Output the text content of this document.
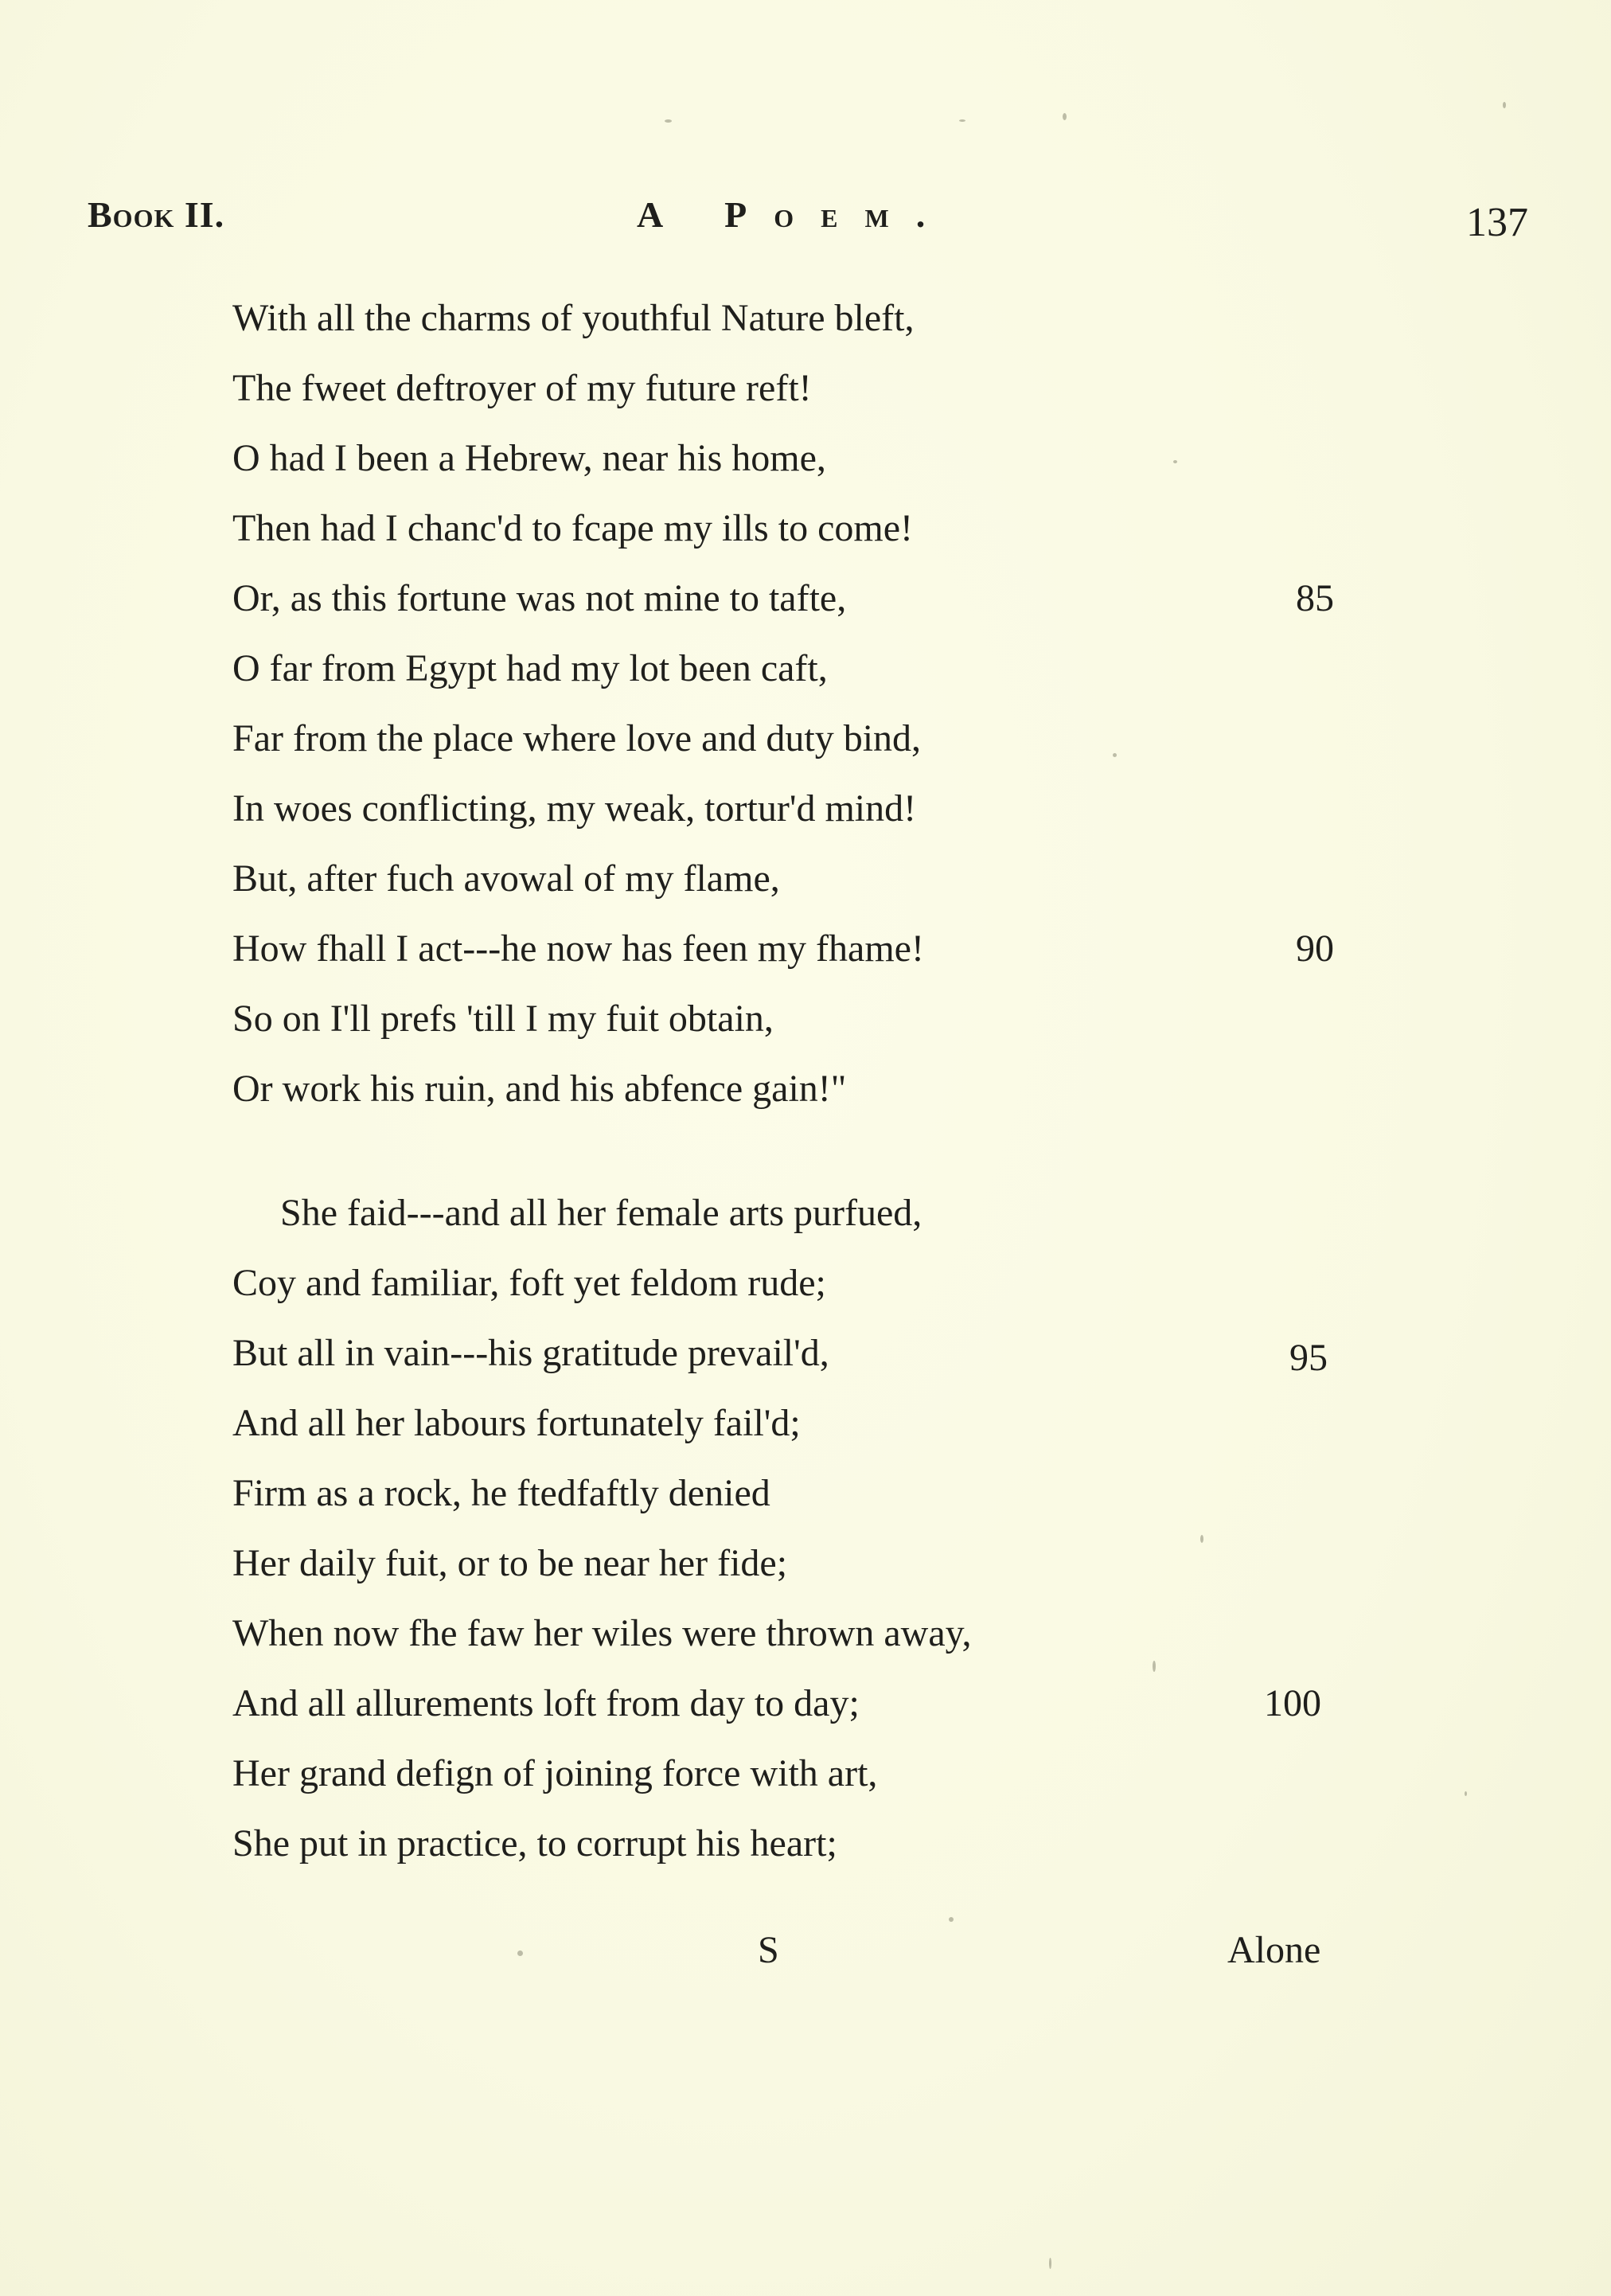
Book II.	A Poem.	137
With all the charms of youthful Nature bleft,
The fweet deftroyer of my future reft!
O had I been a Hebrew, near his home,
Then had I chanc'd to fcape my ills to come!
Or, as this fortune was not mine to tafte,	85
O far from Egypt had my lot been caft,
Far from the place where love and duty bind,
In woes conflicting, my weak, tortur'd mind!
But, after fuch avowal of my flame,
How fhall I act---he now has feen my fhame!	90
So on I'll prefs 'till I my fuit obtain,
Or work his ruin, and his abfence gain!"
She faid---and all her female arts purfued,
Coy and familiar, foft yet feldom rude;
But all in vain---his gratitude prevail'd,	95
And all her labours fortunately fail'd;
Firm as a rock, he ftedfaftly denied
Her daily fuit, or to be near her fide;
When now fhe faw her wiles were thrown away,
And all allurements loft from day to day;	100
Her grand defign of joining force with art,
She put in practice, to corrupt his heart;
S	Alone
